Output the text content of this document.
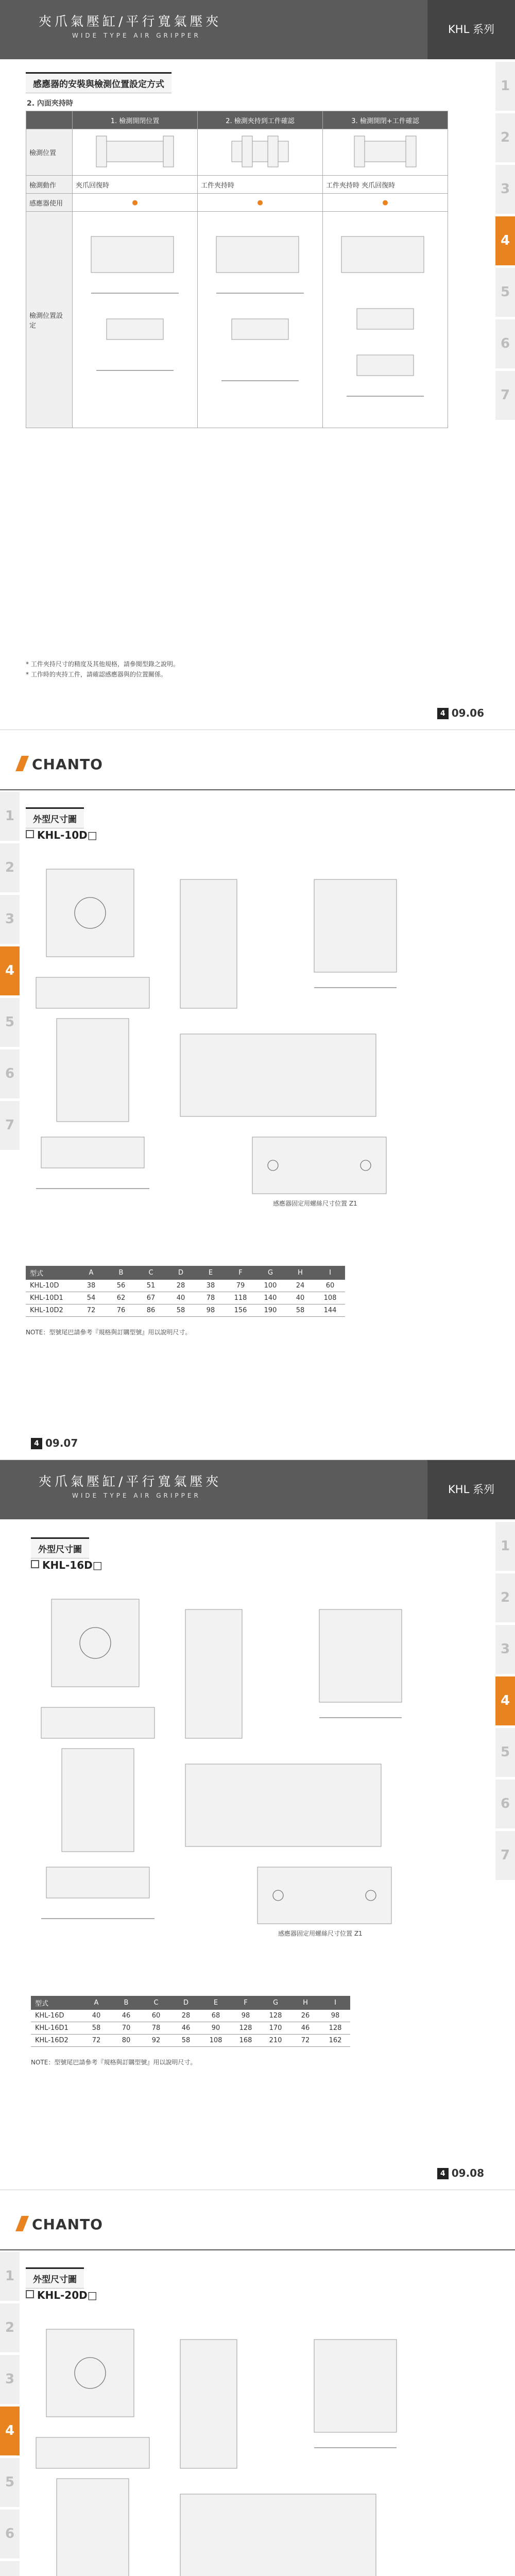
夾爪氣壓缸/平行寬氣壓夾
WIDE TYPE AIR GRIPPER	KHL 系列
1
2
3
4
5
6
7
感應器的安裝與檢測位置設定方式
2. 內面夾持時
	1. 檢測開閉位置	2. 檢測夾持到工件確認	3. 檢測開閉+工件確認
檢測位置			
檢測動作	夾爪回復時	工件夾持時	工件夾持時 夾爪回復時
感應器使用	●	●	●
檢測位置設定			
* 工件夾持尺寸的精度及其他規格，請參閱型錄之說明。
* 工作時的夾持工件，請確認感應器與的位置關係。
4 09.06
CHANTO
1
2
3
4
5
6
7
外型尺寸圖
KHL-10D□
感應器固定用螺絲尺寸位置 Z1
型式	A	B	C	D	E	F	G	H	I
KHL-10D	38	56	51	28	38	79	100	24	60
KHL-10D1	54	62	67	40	78	118	140	40	108
KHL-10D2	72	76	86	58	98	156	190	58	144
NOTE：型號尾巴請參考『規格與訂購型號』用以說明尺寸。
4 09.07
夾爪氣壓缸/平行寬氣壓夾
WIDE TYPE AIR GRIPPER	KHL 系列
1
2
3
4
5
6
7
外型尺寸圖
KHL-16D□
感應器固定用螺絲尺寸位置 Z1
型式	A	B	C	D	E	F	G	H	I
KHL-16D	40	46	60	28	68	98	128	26	98
KHL-16D1	58	70	78	46	90	128	170	46	128
KHL-16D2	72	80	92	58	108	168	210	72	162
NOTE：型號尾巴請參考『規格與訂購型號』用以說明尺寸。
4 09.08
CHANTO
1
2
3
4
5
6
外型尺寸圖
KHL-20D□
